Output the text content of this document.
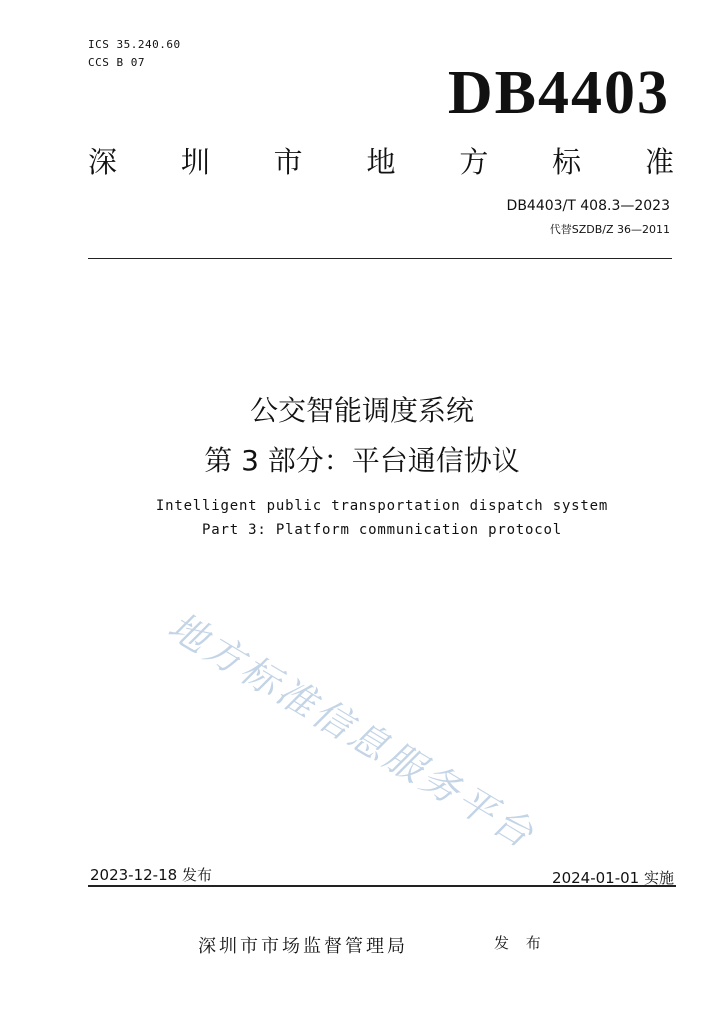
ICS 35.240.60
CCS B 07	DB4403
深 圳 市 地 方 标 准
DB4403/T 408.3—2023
代替SZDB/Z 36—2011
公交智能调度系统
第 3 部分：平台通信协议
Intelligent public transportation dispatch system
Part 3: Platform communication protocol
地方标准信息服务平台
2023-12-18 发布	2024-01-01 实施
深圳市市场监督管理局	发 布
